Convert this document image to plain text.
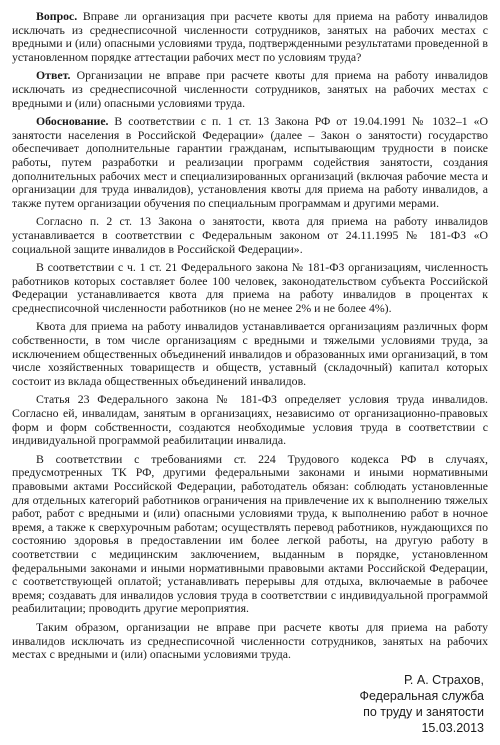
Вопрос. Вправе ли организация при расчете квоты для приема на работу инвалидов исключать из среднесписочной численности сотрудников, занятых на рабочих местах с вредными и (или) опасными условиями труда, подтвержденными результатами проведенной в установленном порядке аттестации рабочих мест по условиям труда?

Ответ. Организации не вправе при расчете квоты для приема на работу инвалидов исключать из среднесписочной численности сотрудников, занятых на рабочих местах с вредными и (или) опасными условиями труда.

Обоснование. В соответствии с п. 1 ст. 13 Закона РФ от 19.04.1991 № 1032–1 «О занятости населения в Российской Федерации» (далее – Закон о занятости) государство обеспечивает дополнительные гарантии гражданам, испытывающим трудности в поиске работы, путем разработки и реализации программ содействия занятости, создания дополнительных рабочих мест и специализированных организаций (включая рабочие места и организации для труда инвалидов), установления квоты для приема на работу инвалидов, а также путем организации обучения по специальным программам и другими мерами.

Согласно п. 2 ст. 13 Закона о занятости, квота для приема на работу инвалидов устанавливается в соответствии с Федеральным законом от 24.11.1995 № 181-ФЗ «О социальной защите инвалидов в Российской Федерации».

В соответствии с ч. 1 ст. 21 Федерального закона № 181-ФЗ организациям, численность работников которых составляет более 100 человек, законодательством субъекта Российской Федерации устанавливается квота для приема на работу инвалидов в процентах к среднесписочной численности работников (но не менее 2% и не более 4%).

Квота для приема на работу инвалидов устанавливается организациям различных форм собственности, в том числе организациям с вредными и тяжелыми условиями труда, за исключением общественных объединений инвалидов и образованных ими организаций, в том числе хозяйственных товариществ и обществ, уставный (складочный) капитал которых состоит из вклада общественных объединений инвалидов.

Статья 23 Федерального закона № 181-ФЗ определяет условия труда инвалидов. Согласно ей, инвалидам, занятым в организациях, независимо от организационно-правовых форм и форм собственности, создаются необходимые условия труда в соответствии с индивидуальной программой реабилитации инвалида.

В соответствии с требованиями ст. 224 Трудового кодекса РФ в случаях, предусмотренных ТК РФ, другими федеральными законами и иными нормативными правовыми актами Российской Федерации, работодатель обязан: соблюдать установленные для отдельных категорий работников ограничения на привлечение их к выполнению тяжелых работ, работ с вредными и (или) опасными условиями труда, к выполнению работ в ночное время, а также к сверхурочным работам; осуществлять перевод работников, нуждающихся по состоянию здоровья в предоставлении им более легкой работы, на другую работу в соответствии с медицинским заключением, выданным в порядке, установленном федеральными законами и иными нормативными правовыми актами Российской Федерации, с соответствующей оплатой; устанавливать перерывы для отдыха, включаемые в рабочее время; создавать для инвалидов условия труда в соответствии с индивидуальной программой реабилитации; проводить другие мероприятия.

Таким образом, организации не вправе при расчете квоты для приема на работу инвалидов исключать из среднесписочной численности сотрудников, занятых на рабочих местах с вредными и (или) опасными условиями труда.

Р. А. Страхов,
Федеральная служба
по труду и занятости
15.03.2013
